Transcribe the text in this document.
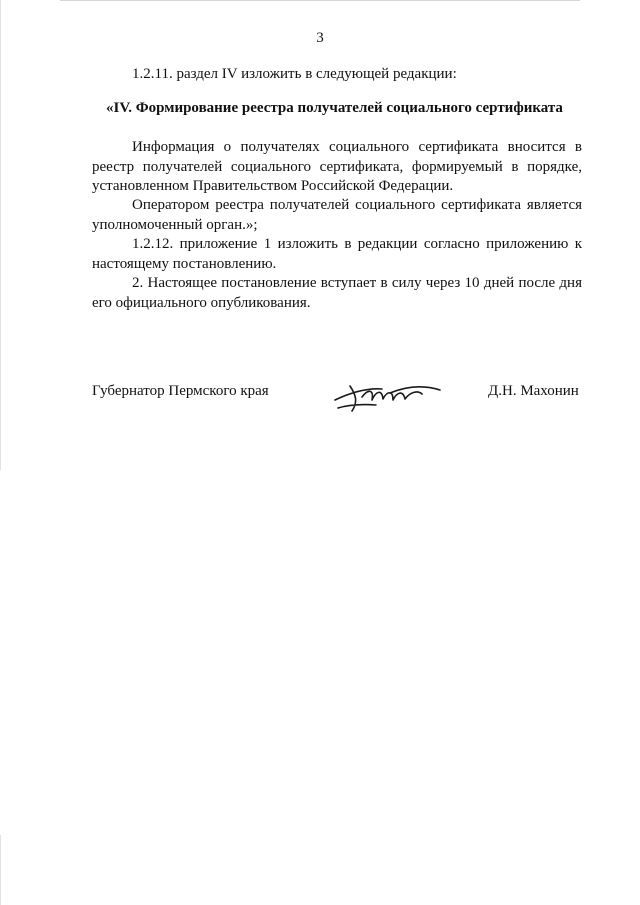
3
1.2.11. раздел IV изложить в следующей редакции:
«IV. Формирование реестра получателей социального сертификата
Информация о получателях социального сертификата вносится в реестр получателей социального сертификата, формируемый в порядке, установленном Правительством Российской Федерации.
Оператором реестра получателей социального сертификата является уполномоченный орган.»;
1.2.12. приложение 1 изложить в редакции согласно приложению к настоящему постановлению.
2. Настоящее постановление вступает в силу через 10 дней после дня его официального опубликования.
Губернатор Пермского края	Д.Н. Махонин
